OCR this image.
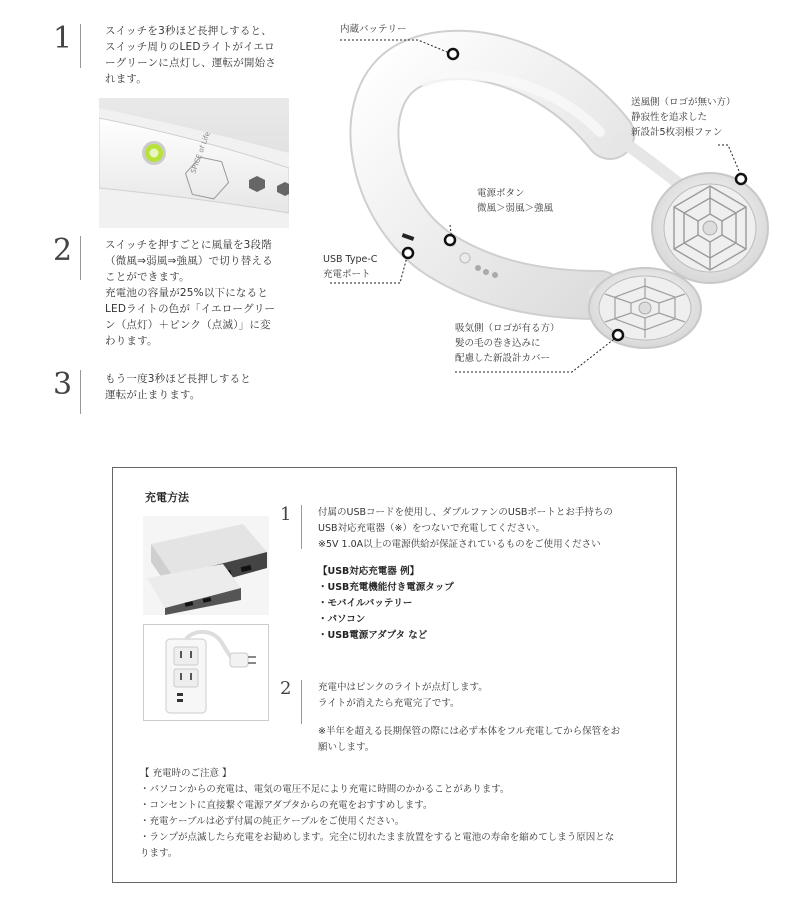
1	スイッチを3秒ほど長押しすると、
スイッチ周りのLEDライトがイエロ
ーグリーンに点灯し、運転が開始さ
れます。
SPICE of Life
2	スイッチを押すごとに風量を3段階
（微風⇒弱風⇒強風）で切り替える
ことができます。
充電池の容量が25%以下になると
LEDライトの色が「イエローグリー
ン（点灯）＋ピンク（点滅）」に変
わります。
3	もう一度3秒ほど長押しすると
運転が止まります。
内蔵バッテリー
送風側（ロゴが無い方）
静寂性を追求した
新設計5枚羽根ファン
電源ボタン
微風＞弱風＞強風
USB Type-C
充電ポート
吸気側（ロゴが有る方）
髪の毛の巻き込みに
配慮した新設計カバー
充電方法
1	付属のUSBコードを使用し、ダブルファンのUSBポートとお手持ちの
USB対応充電器（※）をつないで充電してください。
※5V 1.0A以上の電源供給が保証されているものをご使用ください
【USB対応充電器 例】
・USB充電機能付き電源タップ
・モバイルバッテリー
・パソコン
・USB電源アダプタ など
2	充電中はピンクのライトが点灯します。
ライトが消えたら充電完了です。
※半年を超える長期保管の際には必ず本体をフル充電してから保管をお
願いします。
【 充電時のご注意 】
・パソコンからの充電は、電気の電圧不足により充電に時間のかかることがあります。
・コンセントに直接繋ぐ電源アダプタからの充電をおすすめします。
・充電ケーブルは必ず付属の純正ケーブルをご使用ください。
・ランプが点滅したら充電をお勧めします。完全に切れたまま放置をすると電池の寿命を縮めてしまう原因とな
ります。
